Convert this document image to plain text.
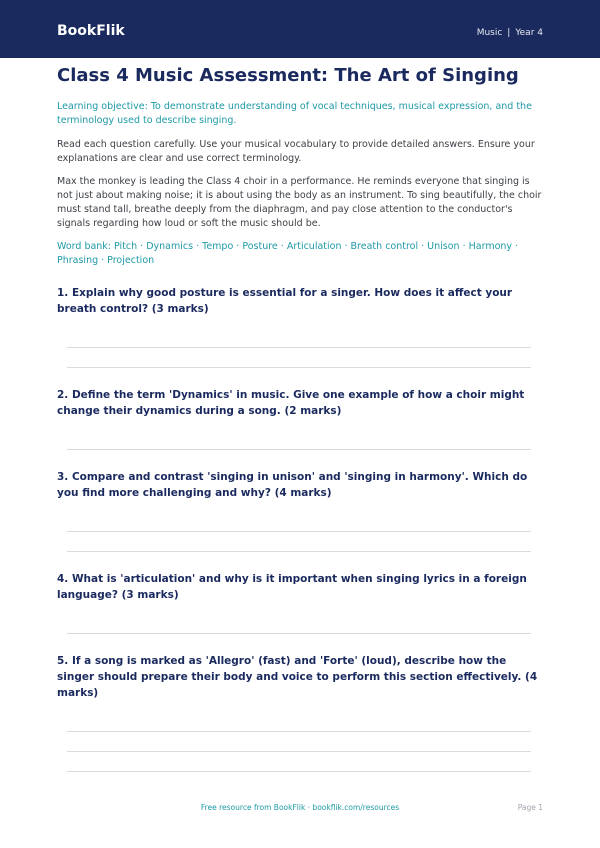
BookFlik	Music | Year 4
Class 4 Music Assessment: The Art of Singing
Learning objective: To demonstrate understanding of vocal techniques, musical expression, and the terminology used to describe singing.
Read each question carefully. Use your musical vocabulary to provide detailed answers. Ensure your explanations are clear and use correct terminology.
Max the monkey is leading the Class 4 choir in a performance. He reminds everyone that singing is not just about making noise; it is about using the body as an instrument. To sing beautifully, the choir must stand tall, breathe deeply from the diaphragm, and pay close attention to the conductor's signals regarding how loud or soft the music should be.
Word bank: Pitch · Dynamics · Tempo · Posture · Articulation · Breath control · Unison · Harmony · Phrasing · Projection
1. Explain why good posture is essential for a singer. How does it affect your breath control? (3 marks)
2. Define the term 'Dynamics' in music. Give one example of how a choir might change their dynamics during a song. (2 marks)
3. Compare and contrast 'singing in unison' and 'singing in harmony'. Which do you find more challenging and why? (4 marks)
4. What is 'articulation' and why is it important when singing lyrics in a foreign language? (3 marks)
5. If a song is marked as 'Allegro' (fast) and 'Forte' (loud), describe how the singer should prepare their body and voice to perform this section effectively. (4 marks)
Free resource from BookFlik · bookflik.com/resources	Page 1
